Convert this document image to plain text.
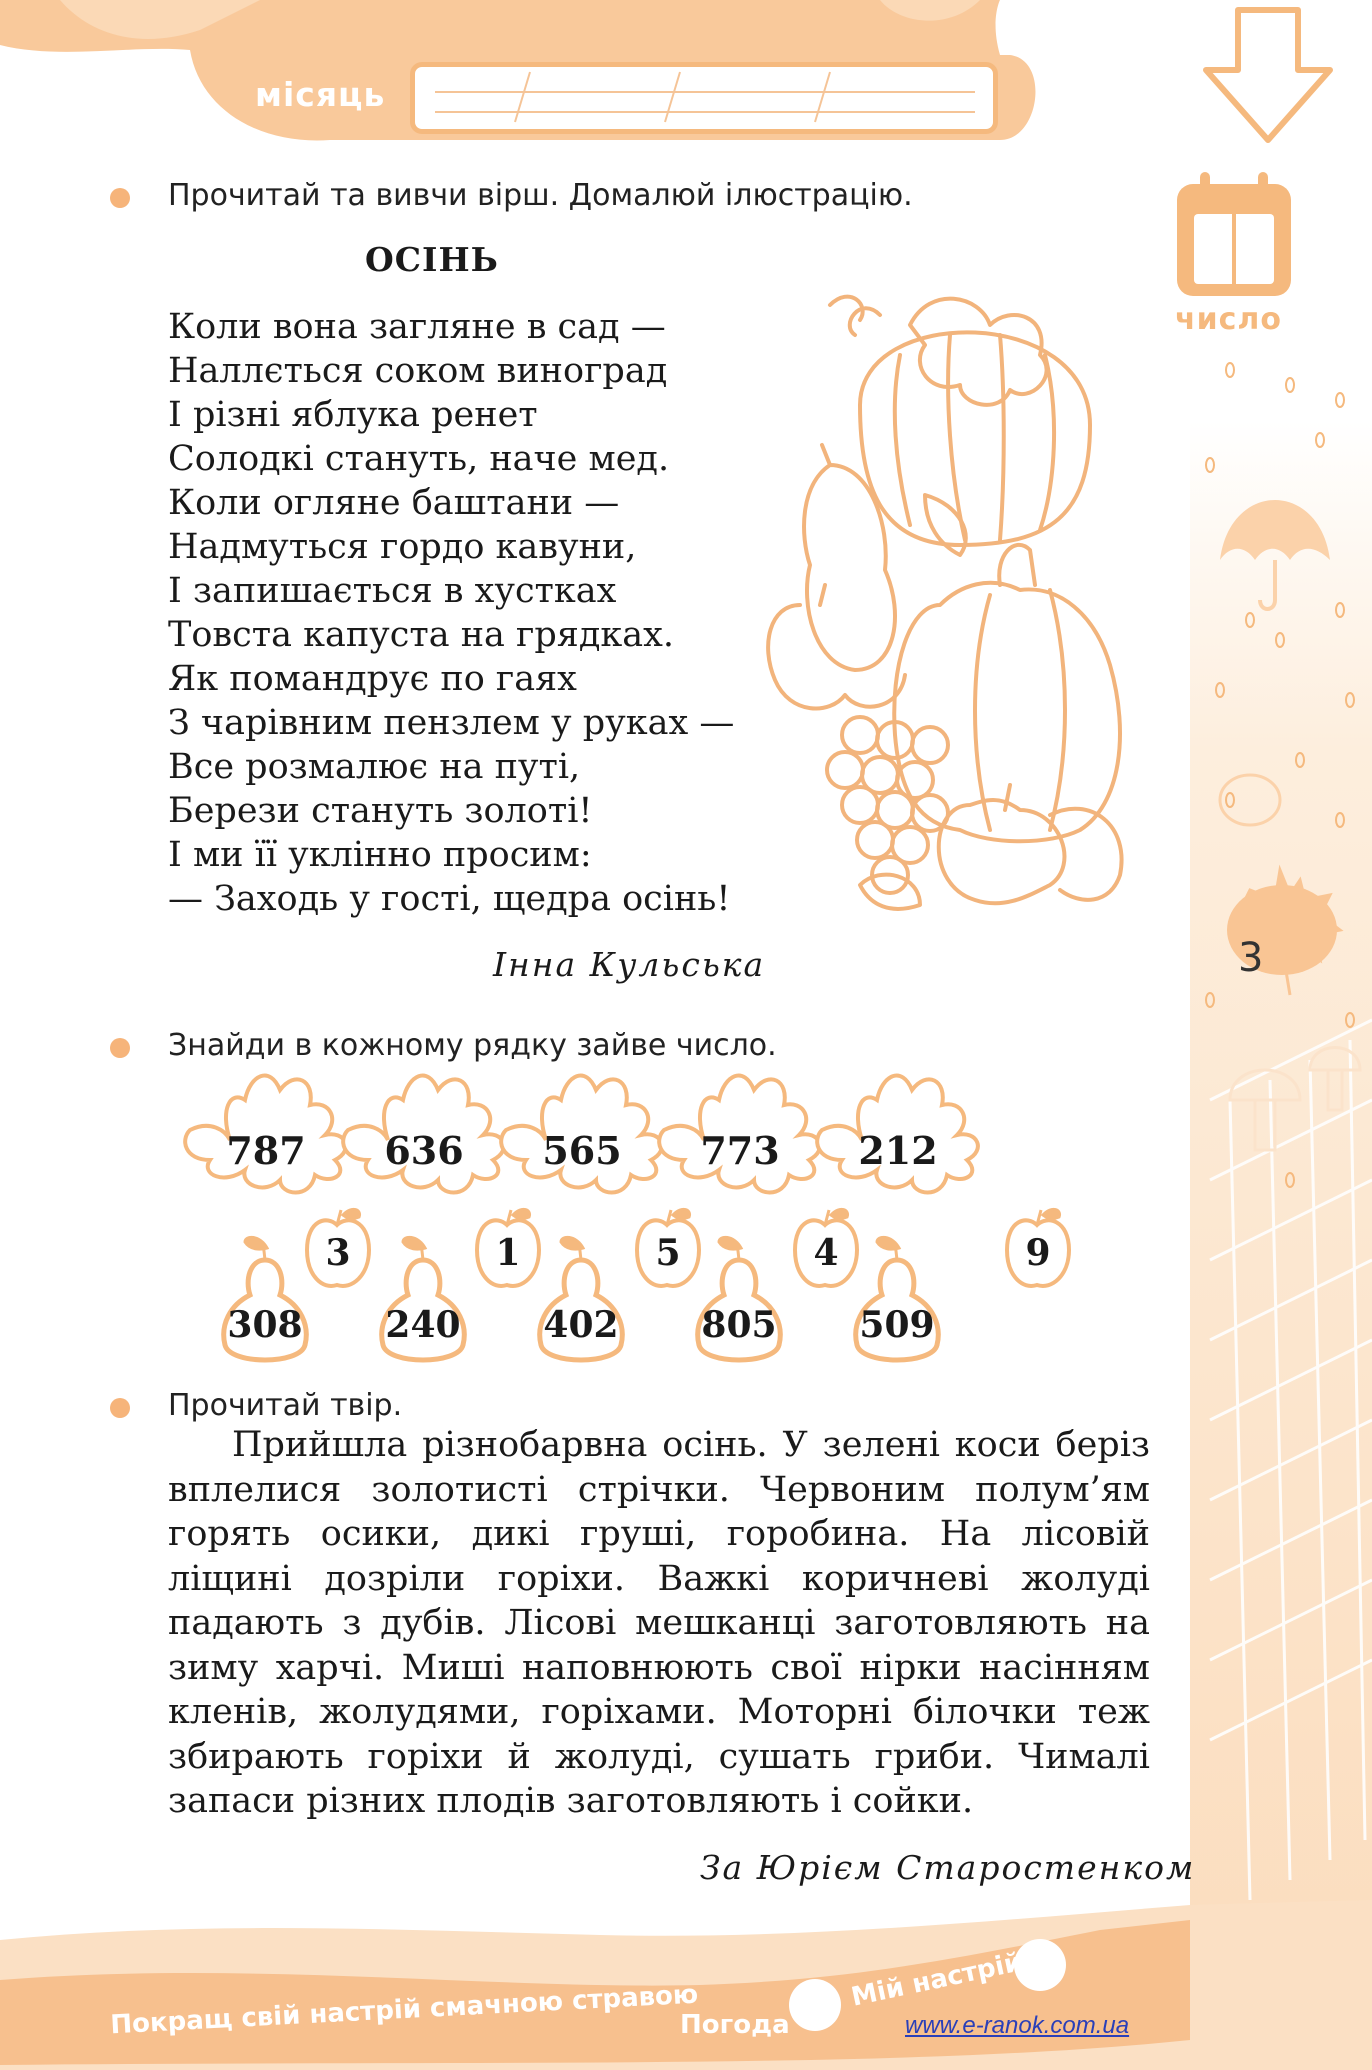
місяць
число
3
Прочитай та вивчи вірш. Домалюй ілюстрацію.
ОСІНЬ
Коли вона загляне в сад —
Наллється соком виноград
І різні яблука ренет
Солодкі стануть, наче мед.
Коли огляне баштани —
Надмуться гордо кавуни,
І запишається в хустках
Товста капуста на грядках.
Як помандрує по гаях
З чарівним пензлем у руках —
Все розмалює на путі,
Берези стануть золоті!
І ми її уклінно просим:
— Заходь у гості, щедра осінь!
Інна Кульська
Знайди в кожному рядку зайве число.
787	636	565	773	212
3	1	5	4	9
308	240	402	805	509
Прочитай твір.

Прийшла різнобарвна осінь. У зелені коси беріз вплелися золотисті стрічки. Червоним полум’ям горять осики, дикі груші, горобина. На лісовій ліщині дозріли горіхи. Важкі коричневі жолуді падають з дубів. Лісові мешканці заготовляють на зиму харчі. Миші наповнюють свої нірки насінням кленів, жолудями, горіхами. Моторні білочки теж збирають горіхи й жолуді, сушать гриби. Чималі запаси різних плодів заготовляють і сойки.

За Юрієм Старостенком
Покращ свій настрій смачною стравою
Погода
Мій настрій
www.e-ranok.com.ua
